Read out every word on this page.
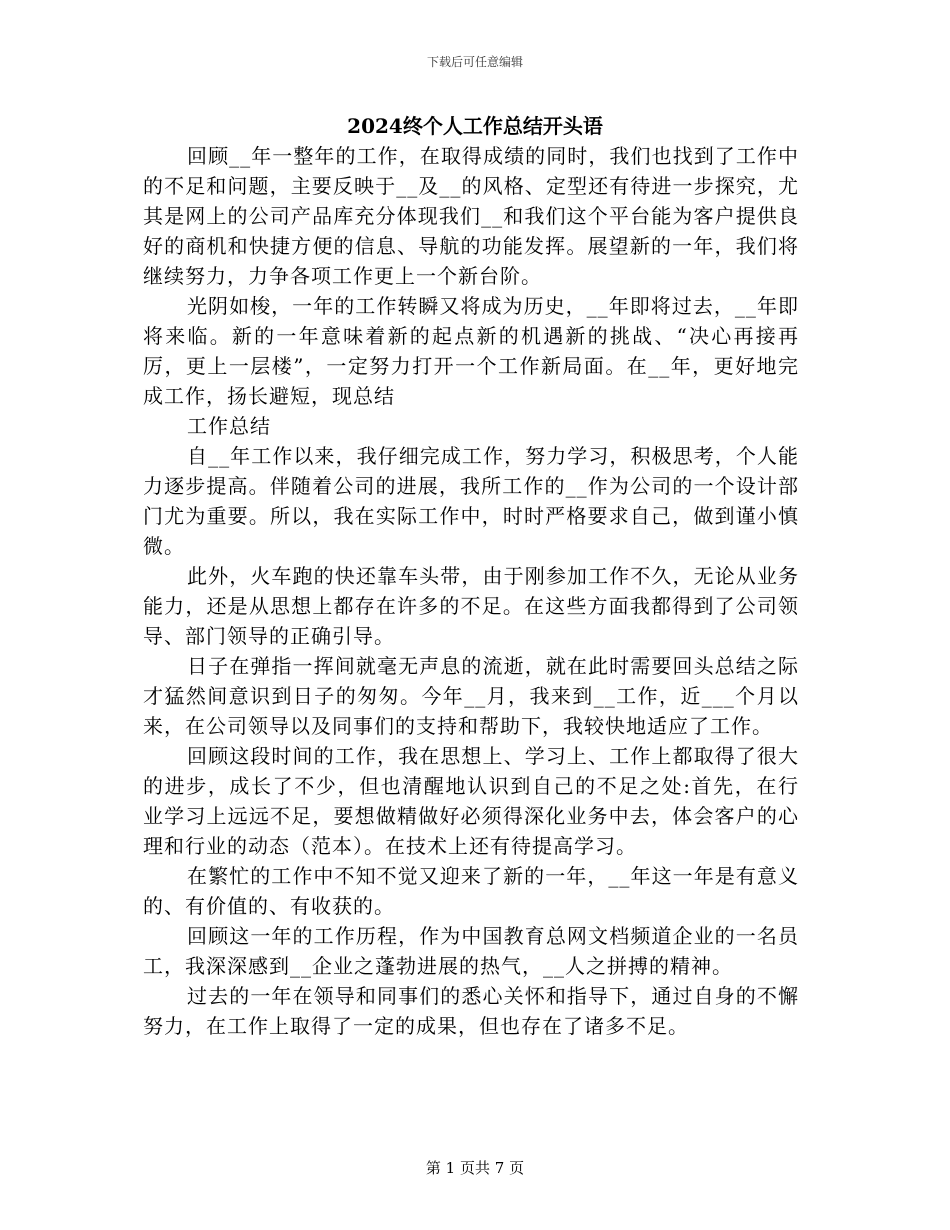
下载后可任意编辑
2024终个人工作总结开头语

回顾__年一整年的工作，在取得成绩的同时，我们也找到了工作中的不足和问题，主要反映于__及__的风格、定型还有待进一步探究，尤其是网上的公司产品库充分体现我们__和我们这个平台能为客户提供良好的商机和快捷方便的信息、导航的功能发挥。展望新的一年，我们将继续努力，力争各项工作更上一个新台阶。

光阴如梭，一年的工作转瞬又将成为历史，__年即将过去，__年即将来临。新的一年意味着新的起点新的机遇新的挑战、“决心再接再厉，更上一层楼”，一定努力打开一个工作新局面。在__年，更好地完成工作，扬长避短，现总结

工作总结

自__年工作以来，我仔细完成工作，努力学习，积极思考，个人能力逐步提高。伴随着公司的进展，我所工作的__作为公司的一个设计部门尤为重要。所以，我在实际工作中，时时严格要求自己，做到谨小慎微。

此外，火车跑的快还靠车头带，由于刚参加工作不久，无论从业务能力，还是从思想上都存在许多的不足。在这些方面我都得到了公司领导、部门领导的正确引导。

日子在弹指一挥间就毫无声息的流逝，就在此时需要回头总结之际才猛然间意识到日子的匆匆。今年__月，我来到__工作，近___个月以来，在公司领导以及同事们的支持和帮助下，我较快地适应了工作。

回顾这段时间的工作，我在思想上、学习上、工作上都取得了很大的进步，成长了不少，但也清醒地认识到自己的不足之处:首先，在行业学习上远远不足，要想做精做好必须得深化业务中去，体会客户的心理和行业的动态（范本）。在技术上还有待提高学习。

在繁忙的工作中不知不觉又迎来了新的一年，__年这一年是有意义的、有价值的、有收获的。

回顾这一年的工作历程，作为中国教育总网文档频道企业的一名员工，我深深感到__企业之蓬勃进展的热气，__人之拼搏的精神。

过去的一年在领导和同事们的悉心关怀和指导下，通过自身的不懈努力，在工作上取得了一定的成果，但也存在了诸多不足。

第 1 页共 7 页
